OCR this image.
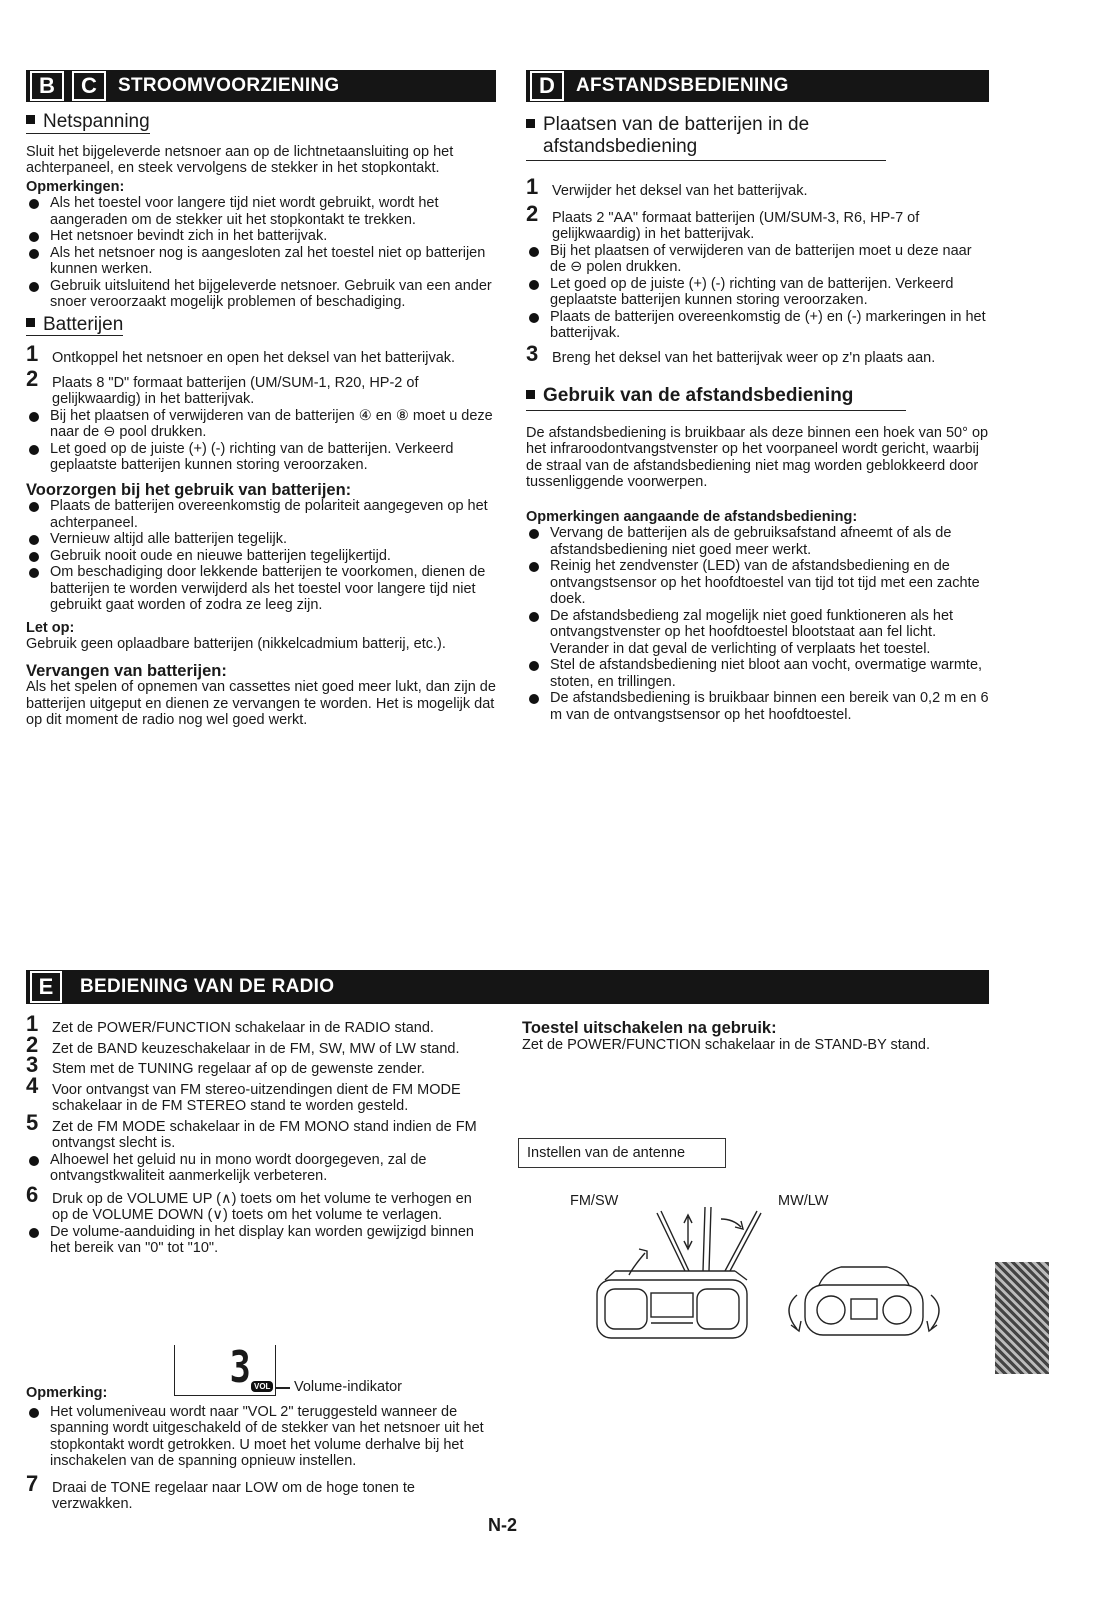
B	C	STROOMVOORZIENING
Netspanning

Sluit het bijgeleverde netsnoer aan op de lichtnetaansluiting op het achterpaneel, en steek vervolgens de stekker in het stopkontakt.

Opmerkingen:

Als het toestel voor langere tijd niet wordt gebruikt, wordt het aangeraden om de stekker uit het stopkontakt te trekken.
Het netsnoer bevindt zich in het batterijvak.
Als het netsnoer nog is aangesloten zal het toestel niet op batterijen kunnen werken.
Gebruik uitsluitend het bijgeleverde netsnoer. Gebruik van een ander snoer veroorzaakt mogelijk problemen of beschadiging.
Batterijen
1 Ontkoppel het netsnoer en open het deksel van het batterijvak.
2 Plaats 8 "D" formaat batterijen (UM/SUM-1, R20, HP-2 of gelijkwaardig) in het batterijvak.
Bij het plaatsen of verwijderen van de batterijen ④ en ⑧ moet u deze naar de ⊖ pool drukken.
Let goed op de juiste (+) (-) richting van de batterijen. Verkeerd geplaatste batterijen kunnen storing veroorzaken.

Voorzorgen bij het gebruik van batterijen:

Plaats de batterijen overeenkomstig de polariteit aangegeven op het achterpaneel.
Vernieuw altijd alle batterijen tegelijk.
Gebruik nooit oude en nieuwe batterijen tegelijkertijd.
Om beschadiging door lekkende batterijen te voorkomen, dienen de batterijen te worden verwijderd als het toestel voor langere tijd niet gebruikt gaat worden of zodra ze leeg zijn.

Let op:

Gebruik geen oplaadbare batterijen (nikkelcadmium batterij, etc.).

Vervangen van batterijen:

Als het spelen of opnemen van cassettes niet goed meer lukt, dan zijn de batterijen uitgeput en dienen ze vervangen te worden. Het is mogelijk dat op dit moment de radio nog wel goed werkt.

D	AFSTANDSBEDIENING
Plaatsen van de batterijen in de
afstandsbediening
1 Verwijder het deksel van het batterijvak.
2 Plaats 2 "AA" formaat batterijen (UM/SUM-3, R6, HP-7 of gelijkwaardig) in het batterijvak.
Bij het plaatsen of verwijderen van de batterijen moet u deze naar de ⊖ polen drukken.
Let goed op de juiste (+) (-) richting van de batterijen. Verkeerd geplaatste batterijen kunnen storing veroorzaken.
Plaats de batterijen overeenkomstig de (+) en (-) markeringen in het batterijvak.
3 Breng het deksel van het batterijvak weer op z'n plaats aan.
Gebruik van de afstandsbediening

De afstandsbediening is bruikbaar als deze binnen een hoek van 50° op het infraroodontvangstvenster op het voorpaneel wordt gericht, waarbij de straal van de afstandsbediening niet mag worden geblokkeerd door tussenliggende voorwerpen.

Opmerkingen aangaande de afstandsbediening:

Vervang de batterijen als de gebruiksafstand afneemt of als de afstandsbediening niet goed meer werkt.
Reinig het zendvenster (LED) van de afstandsbediening en de ontvangstsensor op het hoofdtoestel van tijd tot tijd met een zachte doek.
De afstandsbedieng zal mogelijk niet goed funktioneren als het ontvangstvenster op het hoofdtoestel blootstaat aan fel licht. Verander in dat geval de verlichting of verplaats het toestel.
Stel de afstandsbediening niet bloot aan vocht, overmatige warmte, stoten, en trillingen.
De afstandsbediening is bruikbaar binnen een bereik van 0,2 m en 6 m van de ontvangstsensor op het hoofdtoestel.
E	BEDIENING VAN DE RADIO
1 Zet de POWER/FUNCTION schakelaar in de RADIO stand.
2 Zet de BAND keuzeschakelaar in de FM, SW, MW of LW stand.
3 Stem met de TUNING regelaar af op de gewenste zender.
4 Voor ontvangst van FM stereo-uitzendingen dient de FM MODE schakelaar in de FM STEREO stand te worden gesteld.
5 Zet de FM MODE schakelaar in de FM MONO stand indien de FM ontvangst slecht is.
Alhoewel het geluid nu in mono wordt doorgegeven, zal de ontvangstkwaliteit aanmerkelijk verbeteren.
6 Druk op de VOLUME UP (∧) toets om het volume te verhogen en op de VOLUME DOWN (∨) toets om het volume te verlagen.
De volume-aanduiding in het display kan worden gewijzigd binnen het bereik van "0" tot "10".
3 VOL Volume-indikator

Opmerking:

Het volumeniveau wordt naar "VOL 2" teruggesteld wanneer de spanning wordt uitgeschakeld of de stekker van het netsnoer uit het stopkontakt wordt getrokken. U moet het volume derhalve bij het inschakelen van de spanning opnieuw instellen.
7 Draai de TONE regelaar naar LOW om de hoge tonen te verzwakken.
N-2

Toestel uitschakelen na gebruik:

Zet de POWER/FUNCTION schakelaar in de STAND-BY stand.

Instellen van de antenne
FM/SW	MW/LW
